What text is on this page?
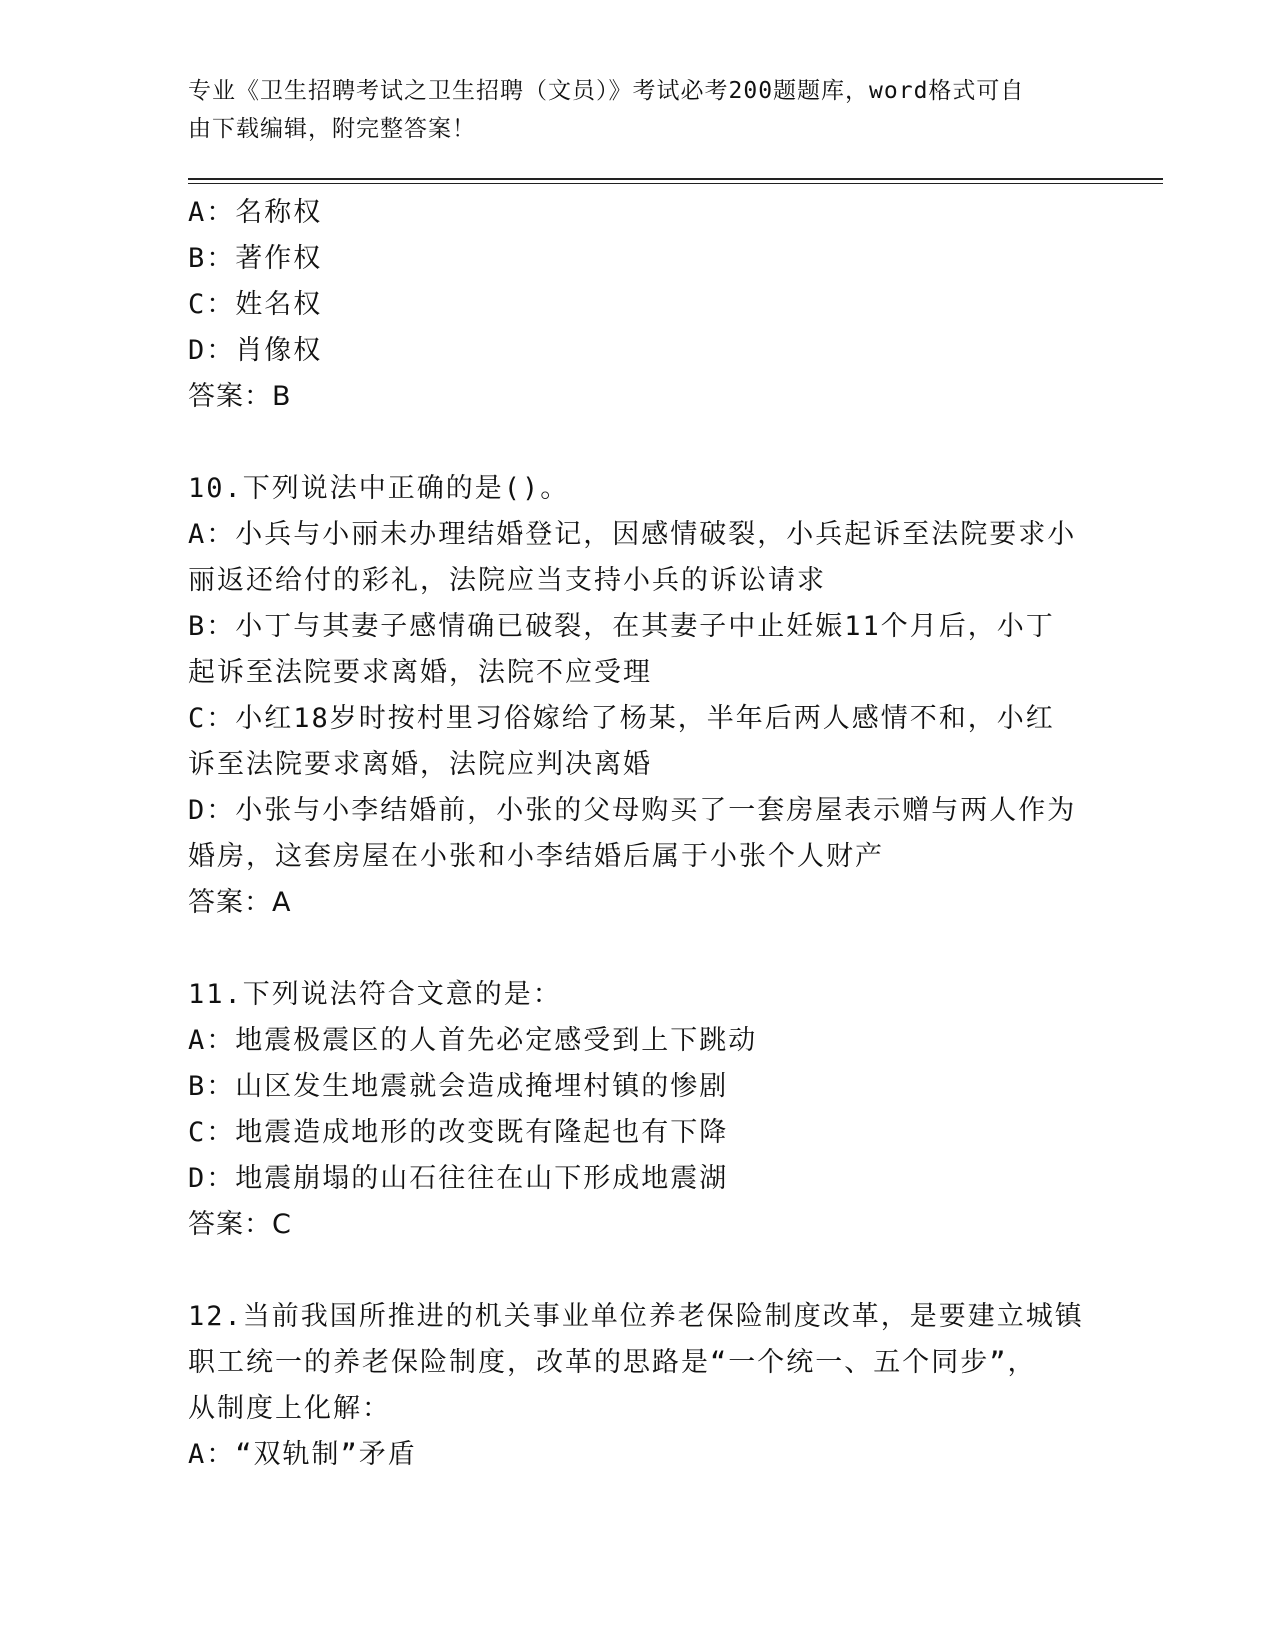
专业《卫生招聘考试之卫生招聘（文员）》考试必考200题题库，word格式可自
由下载编辑，附完整答案！
A：名称权
B：著作权
C：姓名权
D：肖像权
答案：B
10.下列说法中正确的是()。
A：小兵与小丽未办理结婚登记，因感情破裂，小兵起诉至法院要求小
丽返还给付的彩礼，法院应当支持小兵的诉讼请求
B：小丁与其妻子感情确已破裂，在其妻子中止妊娠11个月后，小丁
起诉至法院要求离婚，法院不应受理
C：小红18岁时按村里习俗嫁给了杨某，半年后两人感情不和，小红
诉至法院要求离婚，法院应判决离婚
D：小张与小李结婚前，小张的父母购买了一套房屋表示赠与两人作为
婚房，这套房屋在小张和小李结婚后属于小张个人财产
答案：A
11.下列说法符合文意的是：
A：地震极震区的人首先必定感受到上下跳动
B：山区发生地震就会造成掩埋村镇的惨剧
C：地震造成地形的改变既有隆起也有下降
D：地震崩塌的山石往往在山下形成地震湖
答案：C
12.当前我国所推进的机关事业单位养老保险制度改革，是要建立城镇
职工统一的养老保险制度，改革的思路是“一个统一、五个同步”，
从制度上化解：
A：“双轨制”矛盾
